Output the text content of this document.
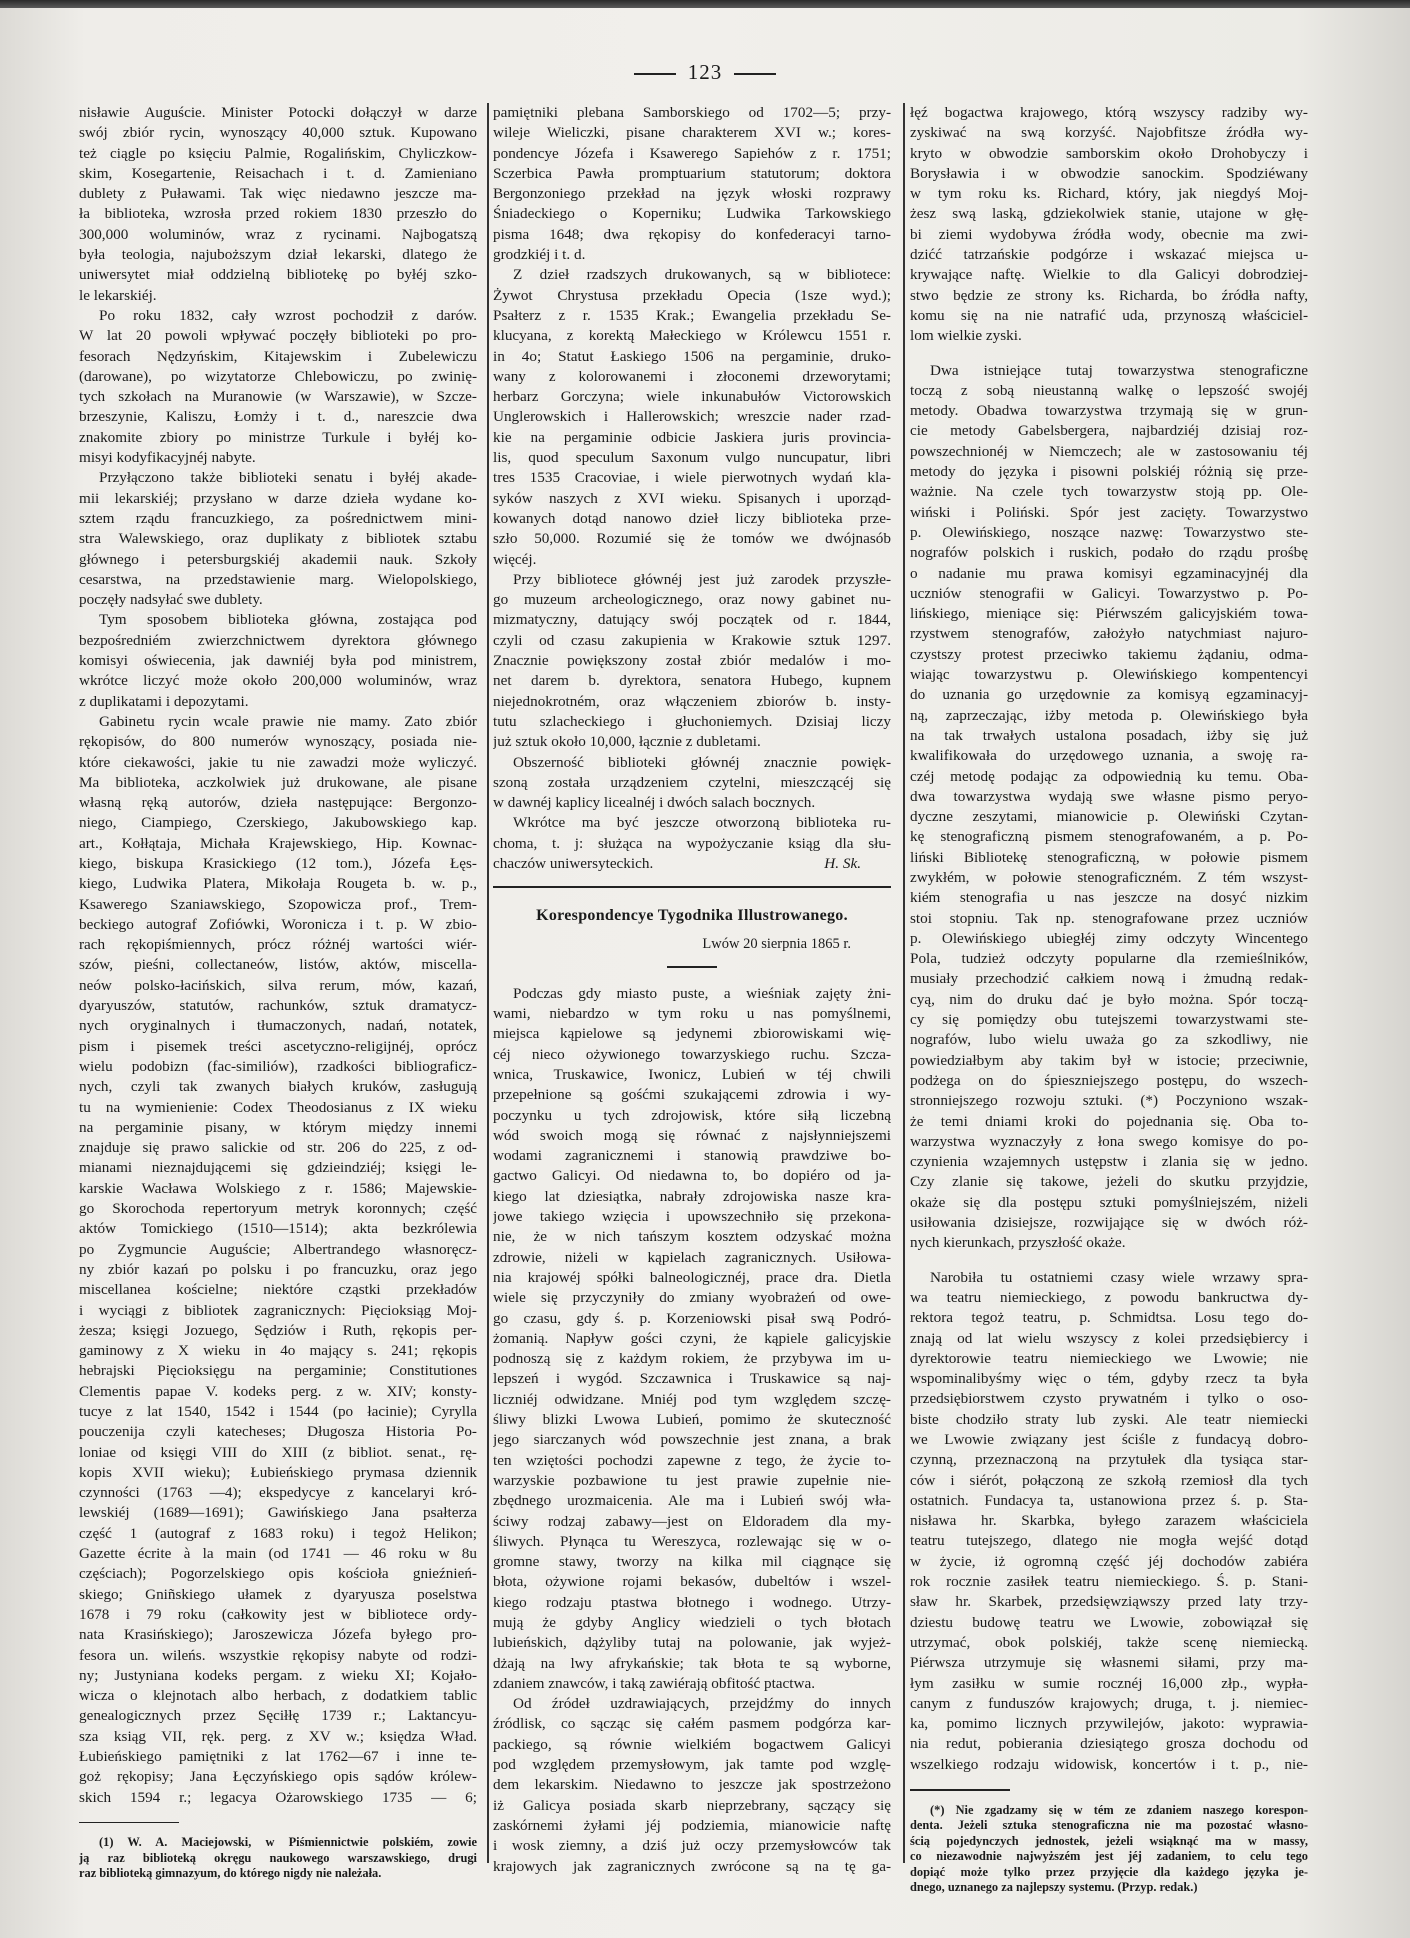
123
nisławie Auguście. Minister Potocki dołączył w darze
swój zbiór rycin, wynoszący 40,000 sztuk. Kupowano
też ciągle po księciu Palmie, Rogalińskim, Chyliczkow-
skim, Kosegartenie, Reisachach i t. d. Zamieniano
dublety z Puławami. Tak więc niedawno jeszcze ma-
ła biblioteka, wzrosła przed rokiem 1830 przeszło do
300,000 woluminów, wraz z rycinami. Najbogatszą
była teologia, najuboższym dział lekarski, dlatego że
uniwersytet miał oddzielną bibliotekę po byłéj szko-
le lekarskiéj.
Po roku 1832, cały wzrost pochodził z darów.
W lat 20 powoli wpływać poczęły biblioteki po pro-
fesorach Nędzyńskim, Kitajewskim i Zubelewiczu
(darowane), po wizytatorze Chlebowiczu, po zwinię-
tych szkołach na Muranowie (w Warszawie), w Szcze-
brzeszynie, Kaliszu, Łomży i t. d., nareszcie dwa
znakomite zbiory po ministrze Turkule i byłéj ko-
misyi kodyfikacyjnéj nabyte.
Przyłączono także biblioteki senatu i byłéj akade-
mii lekarskiéj; przysłano w darze dzieła wydane ko-
sztem rządu francuzkiego, za pośrednictwem mini-
stra Walewskiego, oraz duplikaty z bibliotek sztabu
głównego i petersburgskiéj akademii nauk. Szkoły
cesarstwa, na przedstawienie marg. Wielopolskiego,
poczęły nadsyłać swe dublety.
Tym sposobem biblioteka główna, zostająca pod
bezpośredniém zwierzchnictwem dyrektora głównego
komisyi oświecenia, jak dawniéj była pod ministrem,
wkrótce liczyć może około 200,000 woluminów, wraz
z duplikatami i depozytami.
Gabinetu rycin wcale prawie nie mamy. Zato zbiór
rękopisów, do 800 numerów wynoszący, posiada nie-
które ciekawości, jakie tu nie zawadzi może wyliczyć.
Ma biblioteka, aczkolwiek już drukowane, ale pisane
własną ręką autorów, dzieła następujące: Bergonzo-
niego, Ciampiego, Czerskiego, Jakubowskiego kap.
art., Kołłątaja, Michała Krajewskiego, Hip. Kownac-
kiego, biskupa Krasickiego (12 tom.), Józefa Łęs-
kiego, Ludwika Platera, Mikołaja Rougeta b. w. p.,
Ksawerego Szaniawskiego, Szopowicza prof., Trem-
beckiego autograf Zofiówki, Woronicza i t. p. W zbio-
rach rękopiśmiennych, prócz różnéj wartości wiér-
szów, pieśni, collectaneów, listów, aktów, miscella-
neów polsko-łacińskich, silva rerum, mów, kazań,
dyaryuszów, statutów, rachunków, sztuk dramatycz-
nych oryginalnych i tłumaczonych, nadań, notatek,
pism i pisemek treści ascetyczno-religijnéj, oprócz
wielu podobizn (fac-similiów), rzadkości bibliograficz-
nych, czyli tak zwanych białych kruków, zasługują
tu na wymienienie: Codex Theodosianus z IX wieku
na pergaminie pisany, w którym między innemi
znajduje się prawo salickie od str. 206 do 225, z od-
mianami nieznajdującemi się gdzieindziéj; księgi le-
karskie Wacława Wolskiego z r. 1586; Majewskie-
go Skorochoda repertoryum metryk koronnych; część
aktów Tomickiego (1510—1514); akta bezkrólewia
po Zygmuncie Auguście; Albertrandego własnoręcz-
ny zbiór kazań po polsku i po francuzku, oraz jego
miscellanea kościelne; niektóre cząstki przekładów
i wyciągi z bibliotek zagranicznych: Pięcioksiąg Moj-
żesza; księgi Jozuego, Sędziów i Ruth, rękopis per-
gaminowy z X wieku in 4o mający s. 241; rękopis
hebrajski Pięcioksięgu na pergaminie; Constitutiones
Clementis papae V. kodeks perg. z w. XIV; konsty-
tucye z lat 1540, 1542 i 1544 (po łacinie); Cyrylla
pouczenija czyli katecheses; Długosza Historia Po-
loniae od księgi VIII do XIII (z bibliot. senat., rę-
kopis XVII wieku); Łubieńskiego prymasa dziennik
czynności (1763 —4); ekspedycye z kancelaryi kró-
lewskiéj (1689—1691); Gawińskiego Jana psałterza
część 1 (autograf z 1683 roku) i tegoż Helikon;
Gazette écrite à la main (od 1741 — 46 roku w 8u
częściach); Pogorzelskiego opis kościoła gnieźnień-
skiego; Gniñskiego ułamek z dyaryusza poselstwa
1678 i 79 roku (całkowity jest w bibliotece ordy-
nata Krasińskiego); Jaroszewicza Józefa byłego pro-
fesora un. wileńs. wszystkie rękopisy nabyte od rodzi-
ny; Justyniana kodeks pergam. z wieku XI; Kojało-
wicza o klejnotach albo herbach, z dodatkiem tablic
genealogicznych przez Sęciłłę 1739 r.; Laktancyu-
sza ksiąg VII, ręk. perg. z XV w.; księdza Wład.
Łubieńskiego pamiętniki z lat 1762—67 i inne te-
goż rękopisy; Jana Łęczyńskiego opis sądów królew-
skich 1594 r.; legacya Ożarowskiego 1735 — 6;
(1) W. A. Maciejowski, w Piśmiennictwie polskiém, zowie
ją raz biblioteką okręgu naukowego warszawskiego, drugi
raz biblioteką gimnazyum, do którego nigdy nie należała.
pamiętniki plebana Samborskiego od 1702—5; przy-
wileje Wieliczki, pisane charakterem XVI w.; kores-
pondencye Józefa i Ksawerego Sapiehów z r. 1751;
Sczerbica Pawła promptuarium statutorum; doktora
Bergonzoniego przekład na język włoski rozprawy
Śniadeckiego o Koperniku; Ludwika Tarkowskiego
pisma 1648; dwa rękopisy do konfederacyi tarno-
grodzkiéj i t. d.
Z dzieł rzadszych drukowanych, są w bibliotece:
Żywot Chrystusa przekładu Opecia (1sze wyd.);
Psałterz z r. 1535 Krak.; Ewangelia przekładu Se-
klucyana, z korektą Małeckiego w Królewcu 1551 r.
in 4o; Statut Łaskiego 1506 na pergaminie, druko-
wany z kolorowanemi i złoconemi drzeworytami;
herbarz Gorczyna; wiele inkunabułów Victorowskich
Unglerowskich i Hallerowskich; wreszcie nader rzad-
kie na pergaminie odbicie Jaskiera juris provincia-
lis, quod speculum Saxonum vulgo nuncupatur, libri
tres 1535 Cracoviae, i wiele pierwotnych wydań kla-
syków naszych z XVI wieku. Spisanych i uporząd-
kowanych dotąd nanowo dzieł liczy biblioteka prze-
szło 50,000. Rozumié się że tomów we dwójnasób
więcéj.
Przy bibliotece głównéj jest już zarodek przyszłe-
go muzeum archeologicznego, oraz nowy gabinet nu-
mizmatyczny, datujący swój początek od r. 1844,
czyli od czasu zakupienia w Krakowie sztuk 1297.
Znacznie powiększony został zbiór medalów i mo-
net darem b. dyrektora, senatora Hubego, kupnem
niejednokrotném, oraz włączeniem zbiorów b. insty-
tutu szlacheckiego i głuchoniemych. Dzisiaj liczy
już sztuk około 10,000, łącznie z dubletami.
Obszerność biblioteki głównéj znacznie powięk-
szoną została urządzeniem czytelni, mieszczącéj się
w dawnéj kaplicy licealnéj i dwóch salach bocznych.
Wkrótce ma być jeszcze otworzoną biblioteka ru-
choma, t. j: służąca na wypożyczanie ksiąg dla słu-
chaczów uniwersyteckich.	H. Sk.
Korespondencye Tygodnika Illustrowanego.
Lwów 20 sierpnia 1865 r.
Podczas gdy miasto puste, a wieśniak zajęty żni-
wami, niebardzo w tym roku u nas pomyślnemi,
miejsca kąpielowe są jedynemi zbiorowiskami wię-
céj nieco ożywionego towarzyskiego ruchu. Szcza-
wnica, Truskawice, Iwonicz, Lubień w téj chwili
przepełnione są gośćmi szukającemi zdrowia i wy-
poczynku u tych zdrojowisk, które siłą liczebną
wód swoich mogą się równać z najsłynniejszemi
wodami zagranicznemi i stanowią prawdziwe bo-
gactwo Galicyi. Od niedawna to, bo dopiéro od ja-
kiego lat dziesiątka, nabrały zdrojowiska nasze kra-
jowe takiego wzięcia i upowszechniło się przekona-
nie, że w nich tańszym kosztem odzyskać można
zdrowie, niżeli w kąpielach zagranicznych. Usiłowa-
nia krajowéj spółki balneologicznéj, prace dra. Dietla
wiele się przyczyniły do zmiany wyobrażeń od owe-
go czasu, gdy ś. p. Korzeniowski pisał swą Podró-
żomanią. Napływ gości czyni, że kąpiele galicyjskie
podnoszą się z każdym rokiem, że przybywa im u-
lepszeń i wygód. Szczawnica i Truskawice są naj-
liczniéj odwidzane. Mniéj pod tym względem szczę-
śliwy blizki Lwowa Lubień, pomimo że skuteczność
jego siarczanych wód powszechnie jest znana, a brak
ten wziętości pochodzi zapewne z tego, że życie to-
warzyskie pozbawione tu jest prawie zupełnie nie-
zbędnego urozmaicenia. Ale ma i Lubień swój wła-
ściwy rodzaj zabawy—jest on Eldoradem dla my-
śliwych. Płynąca tu Wereszyca, rozlewając się w o-
gromne stawy, tworzy na kilka mil ciągnące się
błota, ożywione rojami bekasów, dubeltów i wszel-
kiego rodzaju ptastwa błotnego i wodnego. Utrzy-
mują że gdyby Anglicy wiedzieli o tych błotach
lubieńskich, dążyliby tutaj na polowanie, jak wyjeż-
dżają na lwy afrykańskie; tak błota te są wyborne,
zdaniem znawców, i taką zawiérają obfitość ptactwa.
Od źródeł uzdrawiających, przejdźmy do innych
źródlisk, co sącząc się całém pasmem podgórza kar-
packiego, są równie wielkiém bogactwem Galicyi
pod względem przemysłowym, jak tamte pod wzglę-
dem lekarskim. Niedawno to jeszcze jak spostrzeżono
iż Galicya posiada skarb nieprzebrany, sączący się
zaskórnemi żyłami jéj podziemia, mianowicie naftę
i wosk ziemny, a dziś już oczy przemysłowców tak
krajowych jak zagranicznych zwrócone są na tę ga-
łęź bogactwa krajowego, którą wszyscy radziby wy-
zyskiwać na swą korzyść. Najobfitsze źródła wy-
kryto w obwodzie samborskim około Drohobyczy i
Borysławia i w obwodzie sanockim. Spodziéwany
w tym roku ks. Richard, który, jak niegdyś Moj-
żesz swą laską, gdziekolwiek stanie, utajone w głę-
bi ziemi wydobywa źródła wody, obecnie ma zwi-
dzićć tatrzańskie podgórze i wskazać miejsca u-
krywające naftę. Wielkie to dla Galicyi dobrodziej-
stwo będzie ze strony ks. Richarda, bo źródła nafty,
komu się na nie natrafić uda, przynoszą właściciel-
lom wielkie zyski.
Dwa istniejące tutaj towarzystwa stenograficzne
toczą z sobą nieustanną walkę o lepszość swojéj
metody. Obadwa towarzystwa trzymają się w grun-
cie metody Gabelsbergera, najbardziéj dzisiaj roz-
powszechnionéj w Niemczech; ale w zastosowaniu téj
metody do języka i pisowni polskiéj różnią się prze-
ważnie. Na czele tych towarzystw stoją pp. Ole-
wiński i Poliński. Spór jest zacięty. Towarzystwo
p. Olewińskiego, noszące nazwę: Towarzystwo ste-
nografów polskich i ruskich, podało do rządu prośbę
o nadanie mu prawa komisyi egzaminacyjnéj dla
uczniów stenografii w Galicyi. Towarzystwo p. Po-
lińskiego, mieniące się: Piérwszém galicyjskiém towa-
rzystwem stenografów, założyło natychmiast najuro-
czystszy protest przeciwko takiemu żądaniu, odma-
wiając towarzystwu p. Olewińskiego kompentencyi
do uznania go urzędownie za komisyą egzaminacyj-
ną, zaprzeczając, iżby metoda p. Olewińskiego była
na tak trwałych ustalona posadach, iżby się już
kwalifikowała do urzędowego uznania, a swoję ra-
czéj metodę podając za odpowiednią ku temu. Oba-
dwa towarzystwa wydają swe własne pismo peryo-
dyczne zeszytami, mianowicie p. Olewiński Czytan-
kę stenograficzną pismem stenografowaném, a p. Po-
liński Bibliotekę stenograficzną, w połowie pismem
zwykłém, w połowie stenograficzném. Z tém wszyst-
kiém stenografia u nas jeszcze na dosyć nizkim
stoi stopniu. Tak np. stenografowane przez uczniów
p. Olewińskiego ubiegłéj zimy odczyty Wincentego
Pola, tudzież odczyty popularne dla rzemieślników,
musiały przechodzić całkiem nową i żmudną redak-
cyą, nim do druku dać je było można. Spór toczą-
cy się pomiędzy obu tutejszemi towarzystwami ste-
nografów, lubo wielu uważa go za szkodliwy, nie
powiedziałbym aby takim był w istocie; przeciwnie,
podżega on do śpieszniejszego postępu, do wszech-
stronniejszego rozwoju sztuki. (*) Poczyniono wszak-
że temi dniami kroki do pojednania się. Oba to-
warzystwa wyznaczyły z łona swego komisye do po-
czynienia wzajemnych ustępstw i zlania się w jedno.
Czy zlanie się takowe, jeżeli do skutku przyjdzie,
okaże się dla postępu sztuki pomyślniejszém, niżeli
usiłowania dzisiejsze, rozwijające się w dwóch róż-
nych kierunkach, przyszłość okaże.
Narobiła tu ostatniemi czasy wiele wrzawy spra-
wa teatru niemieckiego, z powodu bankructwa dy-
rektora tegoż teatru, p. Schmidtsa. Losu tego do-
znają od lat wielu wszyscy z kolei przedsiębiercy i
dyrektorowie teatru niemieckiego we Lwowie; nie
wspominalibyśmy więc o tém, gdyby rzecz ta była
przedsiębiorstwem czysto prywatném i tylko o oso-
biste chodziło straty lub zyski. Ale teatr niemiecki
we Lwowie związany jest ściśle z fundacyą dobro-
czynną, przeznaczoną na przytułek dla tysiąca star-
ców i siérót, połączoną ze szkołą rzemiosł dla tych
ostatnich. Fundacya ta, ustanowiona przez ś. p. Sta-
nisława hr. Skarbka, byłego zarazem właściciela
teatru tutejszego, dlatego nie mogła wejść dotąd
w życie, iż ogromną część jéj dochodów zabiéra
rok rocznie zasiłek teatru niemieckiego. Ś. p. Stani-
sław hr. Skarbek, przedsięwziąwszy przed laty trzy-
dziestu budowę teatru we Lwowie, zobowiązał się
utrzymać, obok polskiéj, także scenę niemiecką.
Piérwsza utrzymuje się własnemi siłami, przy ma-
łym zasiłku w sumie rocznéj 16,000 złp., wypła-
canym z funduszów krajowych; druga, t. j. niemiec-
ka, pomimo licznych przywilejów, jakoto: wyprawia-
nia redut, pobierania dziesiątego grosza dochodu od
wszelkiego rodzaju widowisk, koncertów i t. p., nie-
(*) Nie zgadzamy się w tém ze zdaniem naszego korespon-
denta. Jeżeli sztuka stenograficzna nie ma pozostać własno-
ścią pojedynczych jednostek, jeżeli wsiąknąć ma w massy,
co niezawodnie najwyższém jest jéj zadaniem, to celu tego
dopiąć może tylko przez przyjęcie dla każdego języka je-
dnego, uznanego za najlepszy systemu. (Przyp. redak.)
